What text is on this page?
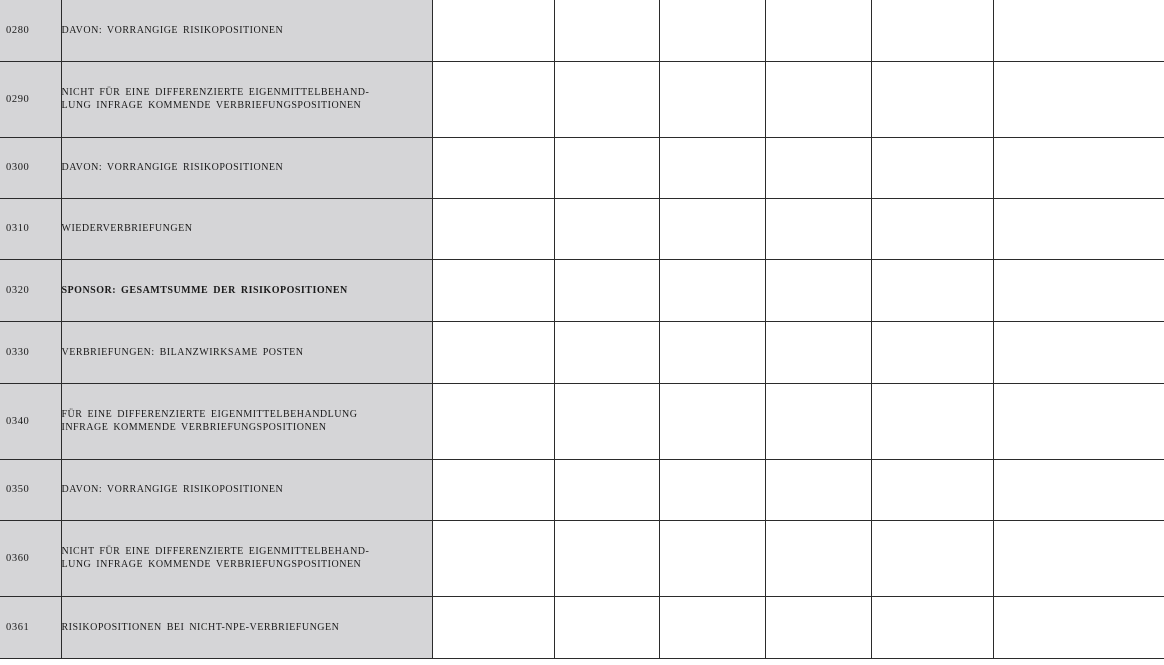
0280	DAVON: VORRANGIGE RISIKOPOSITIONEN						
0290	NICHT FÜR EINE DIFFERENZIERTE EIGENMITTELBEHAND-
LUNG INFRAGE KOMMENDE VERBRIEFUNGSPOSITIONEN						
0300	DAVON: VORRANGIGE RISIKOPOSITIONEN						
0310	WIEDERVERBRIEFUNGEN						
0320	SPONSOR: GESAMTSUMME DER RISIKOPOSITIONEN						
0330	VERBRIEFUNGEN: BILANZWIRKSAME POSTEN						
0340	FÜR EINE DIFFERENZIERTE EIGENMITTELBEHANDLUNG
INFRAGE KOMMENDE VERBRIEFUNGSPOSITIONEN						
0350	DAVON: VORRANGIGE RISIKOPOSITIONEN						
0360	NICHT FÜR EINE DIFFERENZIERTE EIGENMITTELBEHAND-
LUNG INFRAGE KOMMENDE VERBRIEFUNGSPOSITIONEN						
0361	RISIKOPOSITIONEN BEI NICHT-NPE-VERBRIEFUNGEN						
